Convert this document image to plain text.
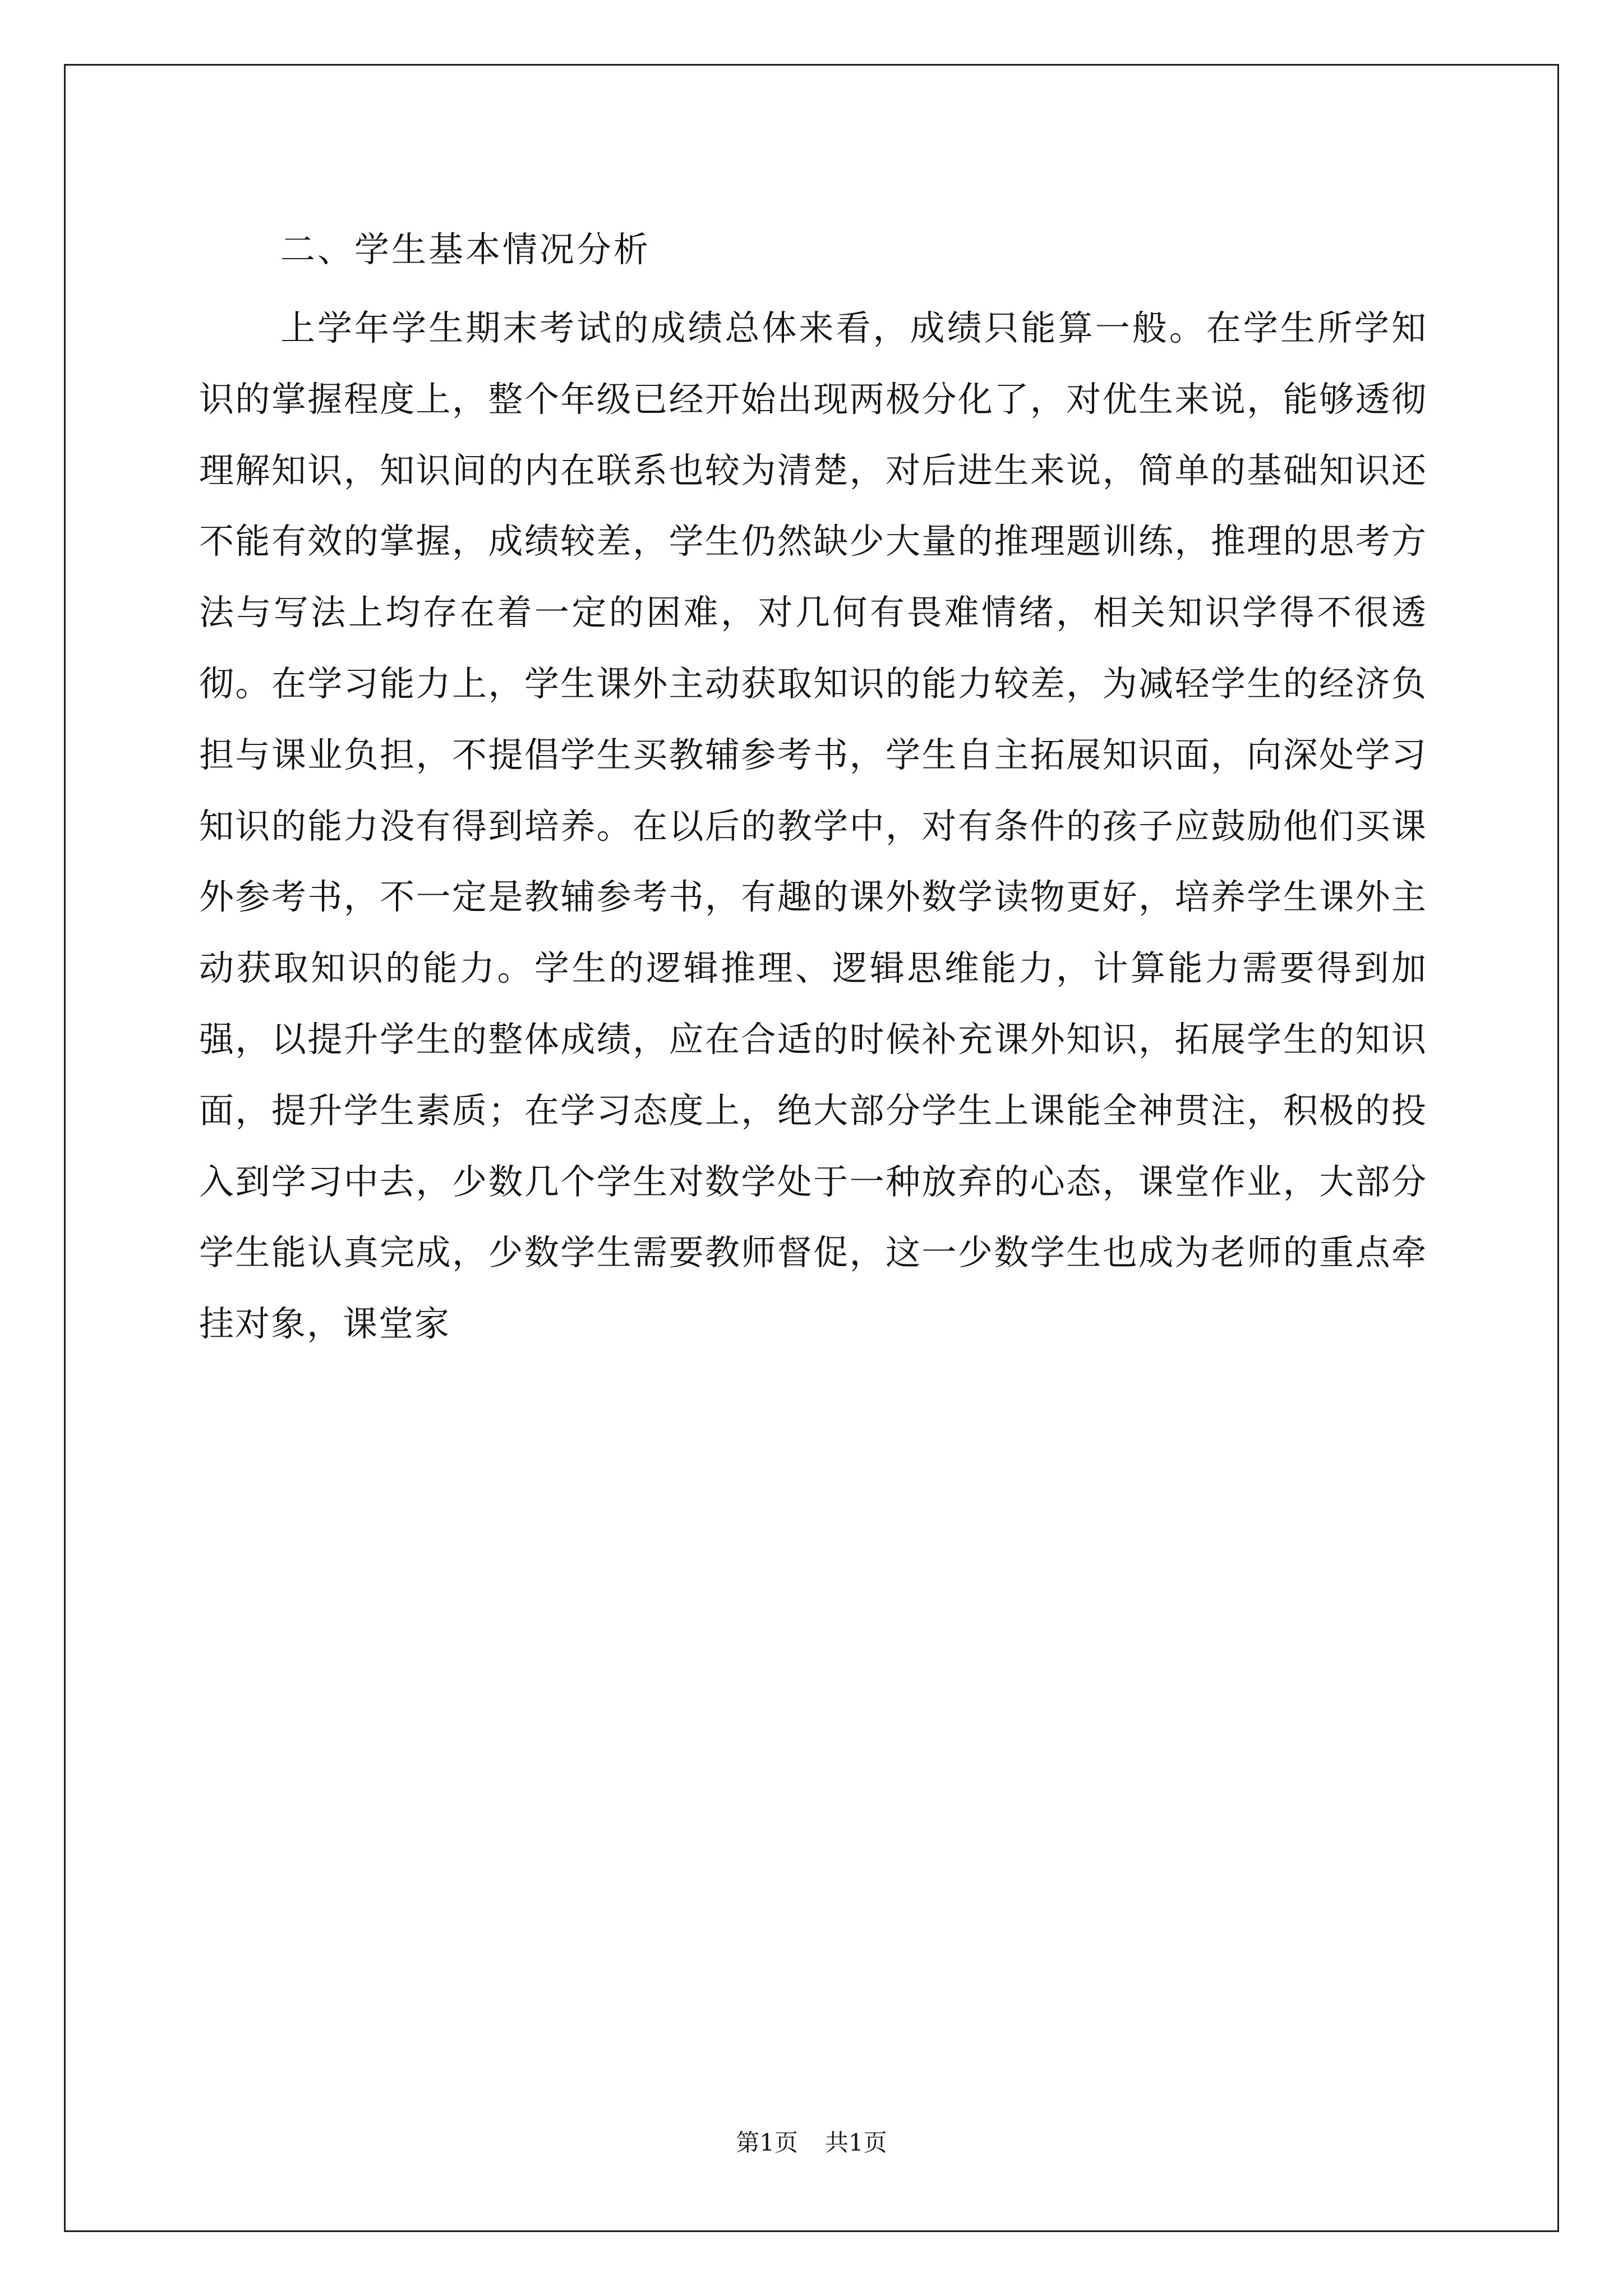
二、学生基本情况分析

上学年学生期末考试的成绩总体来看，成绩只能算一般。在学生所学知识的掌握程度上，整个年级已经开始出现两极分化了，对优生来说，能够透彻理解知识，知识间的内在联系也较为清楚，对后进生来说，简单的基础知识还不能有效的掌握，成绩较差，学生仍然缺少大量的推理题训练，推理的思考方法与写法上均存在着一定的困难，对几何有畏难情绪，相关知识学得不很透彻。在学习能力上，学生课外主动获取知识的能力较差，为减轻学生的经济负担与课业负担，不提倡学生买教辅参考书，学生自主拓展知识面，向深处学习知识的能力没有得到培养。在以后的教学中，对有条件的孩子应鼓励他们买课外参考书，不一定是教辅参考书，有趣的课外数学读物更好，培养学生课外主动获取知识的能力。学生的逻辑推理、逻辑思维能力，计算能力需要得到加强，以提升学生的整体成绩，应在合适的时候补充课外知识，拓展学生的知识面，提升学生素质；在学习态度上，绝大部分学生上课能全神贯注，积极的投入到学习中去，少数几个学生对数学处于一种放弃的心态，课堂作业，大部分学生能认真完成，少数学生需要教师督促，这一少数学生也成为老师的重点牵挂对象，课堂家

第1页 共1页
